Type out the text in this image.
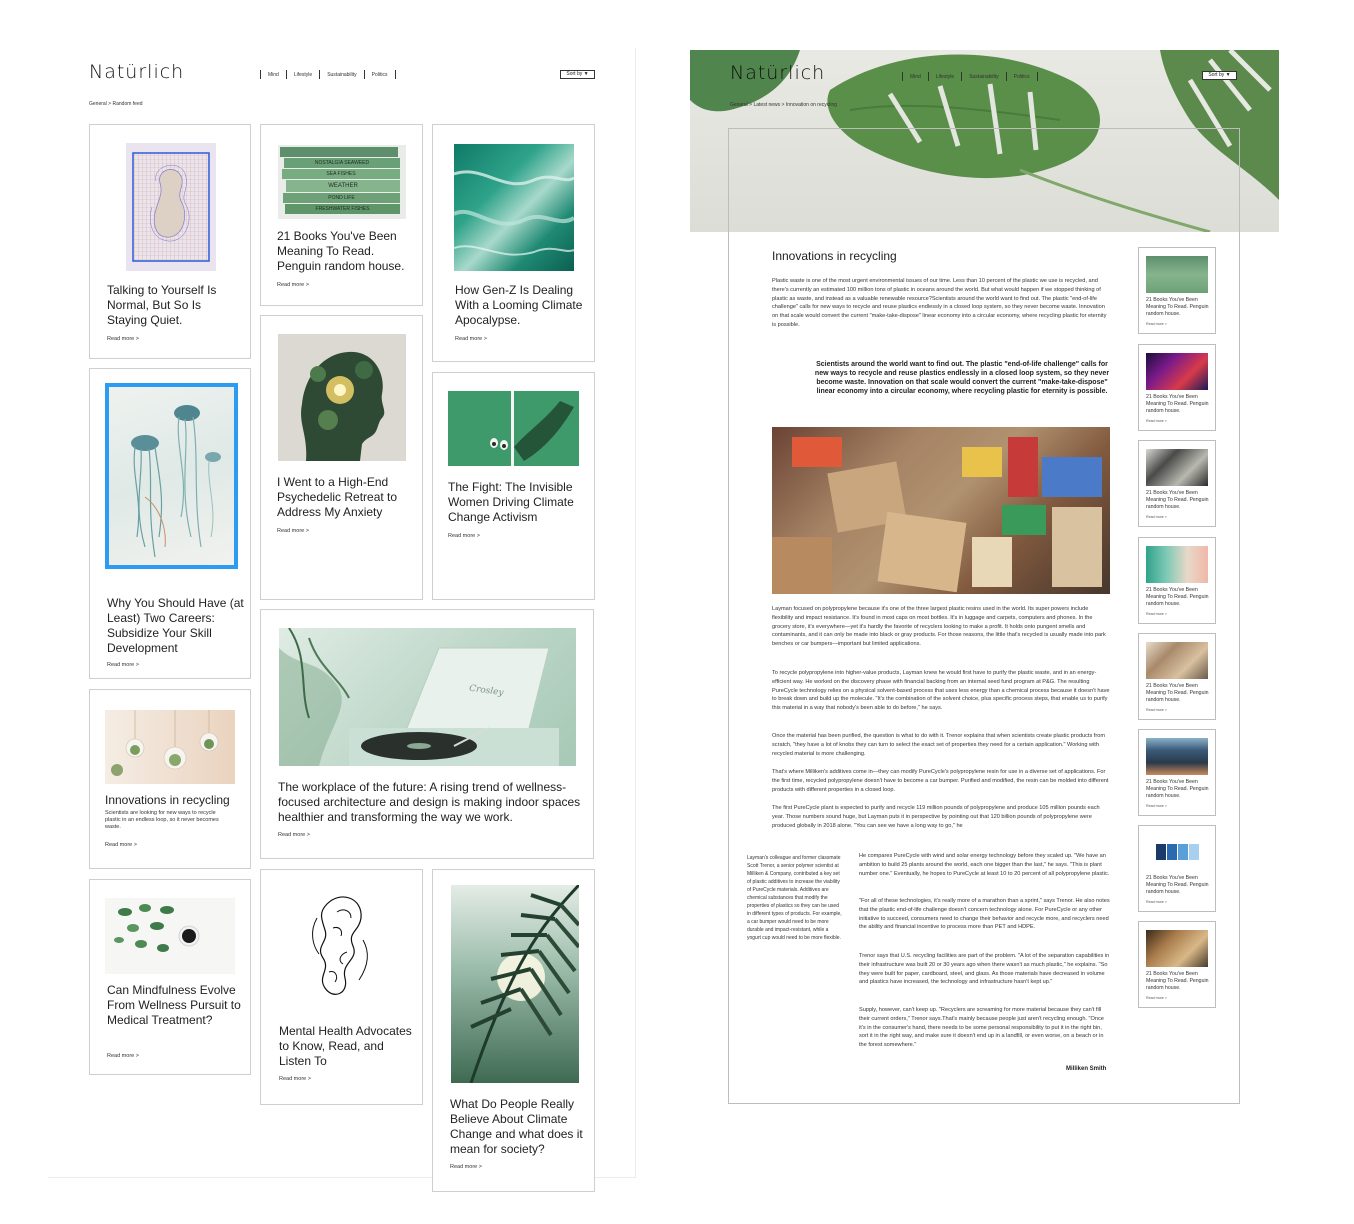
Natürlich	Mind	Lifestyle	Sustainability	Politics	Sort by ▼
General > Random feed
Talking to Yourself Is Normal, But So Is Staying Quiet.
Read more >
Why You Should Have (at Least) Two Careers: Subsidize Your Skill Development
Read more >
Innovations in recycling
Scientists are looking for new ways to recycle plastic in an endless loop, so it never becomes waste.
Read more >
Can Mindfulness Evolve From Wellness Pursuit to Medical Treatment?
Read more >
NOSTALGIA SEAWEED
SEA FISHES
WEATHER
POND LIFE
FRESHWATER FISHES
21 Books You've Been Meaning To Read. Penguin random house.
Read more >
I Went to a High-End Psychedelic Retreat to Address My Anxiety
Read more >
Crosley
The workplace of the future: A rising trend of wellness-focused architecture and design is making indoor spaces healthier and transforming the way we work.
Read more >
Mental Health Advocates to Know, Read, and Listen To
Read more >
How Gen-Z Is Dealing With a Looming Climate Apocalypse.
Read more >
The Fight: The Invisible Women Driving Climate Change Activism
Read more >
What Do People Really Believe About Climate Change and what does it mean for society?
Read more >
Natürlich	Mind	Lifestyle	Sustainability	Politics	Sort by ▼
General > Latest news > Innovation on recycling
Innovations in recycling
Plastic waste is one of the most urgent environmental issues of our time. Less than 10 percent of the plastic we use is recycled, and there's currently an estimated 100 million tons of plastic in oceans around the world. But what would happen if we stopped thinking of plastic as waste, and instead as a valuable renewable resource?Scientists around the world want to find out. The plastic "end-of-life challenge" calls for new ways to recycle and reuse plastics endlessly in a closed loop system, so they never become waste. Innovation on that scale would convert the current "make-take-dispose" linear economy into a circular economy, where recycling plastic for eternity is possible.
Scientists around the world want to find out. The plastic "end-of-life challenge" calls for new ways to recycle and reuse plastics endlessly in a closed loop system, so they never become waste. Innovation on that scale would convert the current "make-take-dispose" linear economy into a circular economy, where recycling plastic for eternity is possible.
Layman focused on polypropylene because it's one of the three largest plastic resins used in the world. Its super powers include flexibility and impact resistance. It's found in most caps on most bottles. It's in luggage and carpets, computers and phones. In the grocery store, it's everywhere—yet it's hardly the favorite of recyclers looking to make a profit. It holds onto pungent smells and contaminants, and it can only be made into black or gray products. For those reasons, the little that's recycled is usually made into park benches or car bumpers—important but limited applications.
To recycle polypropylene into higher-value products, Layman knew he would first have to purify the plastic waste, and in an energy-efficient way. He worked on the discovery phase with financial backing from an internal seed fund program at P&G. The resulting PureCycle technology relies on a physical solvent-based process that uses less energy than a chemical process because it doesn't have to break down and build up the molecule. "It's the combination of the solvent choice, plus specific process steps, that enable us to purify this material in a way that nobody's been able to do before," he says.
Once the material has been purified, the question is what to do with it. Trenor explains that when scientists create plastic products from scratch, "they have a lot of knobs they can turn to select the exact set of properties they need for a certain application." Working with recycled material is more challenging.
That's where Milliken's additives come in—they can modify PureCycle's polypropylene resin for use in a diverse set of applications. For the first time, recycled polypropylene doesn't have to become a car bumper. Purified and modified, the resin can be molded into different products with different properties in a closed loop.
The first PureCycle plant is expected to purify and recycle 119 million pounds of polypropylene and produce 105 million pounds each year. Those numbers sound huge, but Layman puts it in perspective by pointing out that 120 billion pounds of polypropylene were produced globally in 2018 alone. "You can see we have a long way to go," he
Layman's colleague and former classmate Scott Trenor, a senior polymer scientist at Milliken & Company, contributed a key set of plastic additives to increase the viability of PureCycle materials. Additives are chemical substances that modify the properties of plastics so they can be used in different types of products. For example, a car bumper would need to be more durable and impact-resistant, while a yogurt cup would need to be more flexible.
He compares PureCycle with wind and solar energy technology before they scaled up. "We have an ambition to build 25 plants around the world, each one bigger than the last," he says. "This is plant number one." Eventually, he hopes to PureCycle at least 10 to 20 percent of all polypropylene plastic.
"For all of these technologies, it's really more of a marathon than a sprint," says Trenor. He also notes that the plastic end-of-life challenge doesn't concern technology alone. For PureCycle or any other initiative to succeed, consumers need to change their behavior and recycle more, and recyclers need the ability and financial incentive to process more than PET and HDPE.
Trenor says that U.S. recycling facilities are part of the problem. "A lot of the separation capabilities in their infrastructure was built 20 or 30 years ago when there wasn't as much plastic," he explains. "So they were built for paper, cardboard, steel, and glass. As those materials have decreased in volume and plastics have increased, the technology and infrastructure hasn't kept up."
Supply, however, can't keep up. "Recyclers are screaming for more material because they can't fill their current orders," Trenor says.That's mainly because people just aren't recycling enough. "Once it's in the consumer's hand, there needs to be some personal responsibility to put it in the right bin, sort it in the right way, and make sure it doesn't end up in a landfill, or even worse, on a beach or in the forest somewhere."
Milliken Smith
21 Books You've Been Meaning To Read. Penguin random house.
Read more >
21 Books You've Been Meaning To Read. Penguin random house.
Read more >
21 Books You've Been Meaning To Read. Penguin random house.
Read more >
21 Books You've Been Meaning To Read. Penguin random house.
Read more >
21 Books You've Been Meaning To Read. Penguin random house.
Read more >
21 Books You've Been Meaning To Read. Penguin random house.
Read more >
21 Books You've Been Meaning To Read. Penguin random house.
Read more >
21 Books You've Been Meaning To Read. Penguin random house.
Read more >
